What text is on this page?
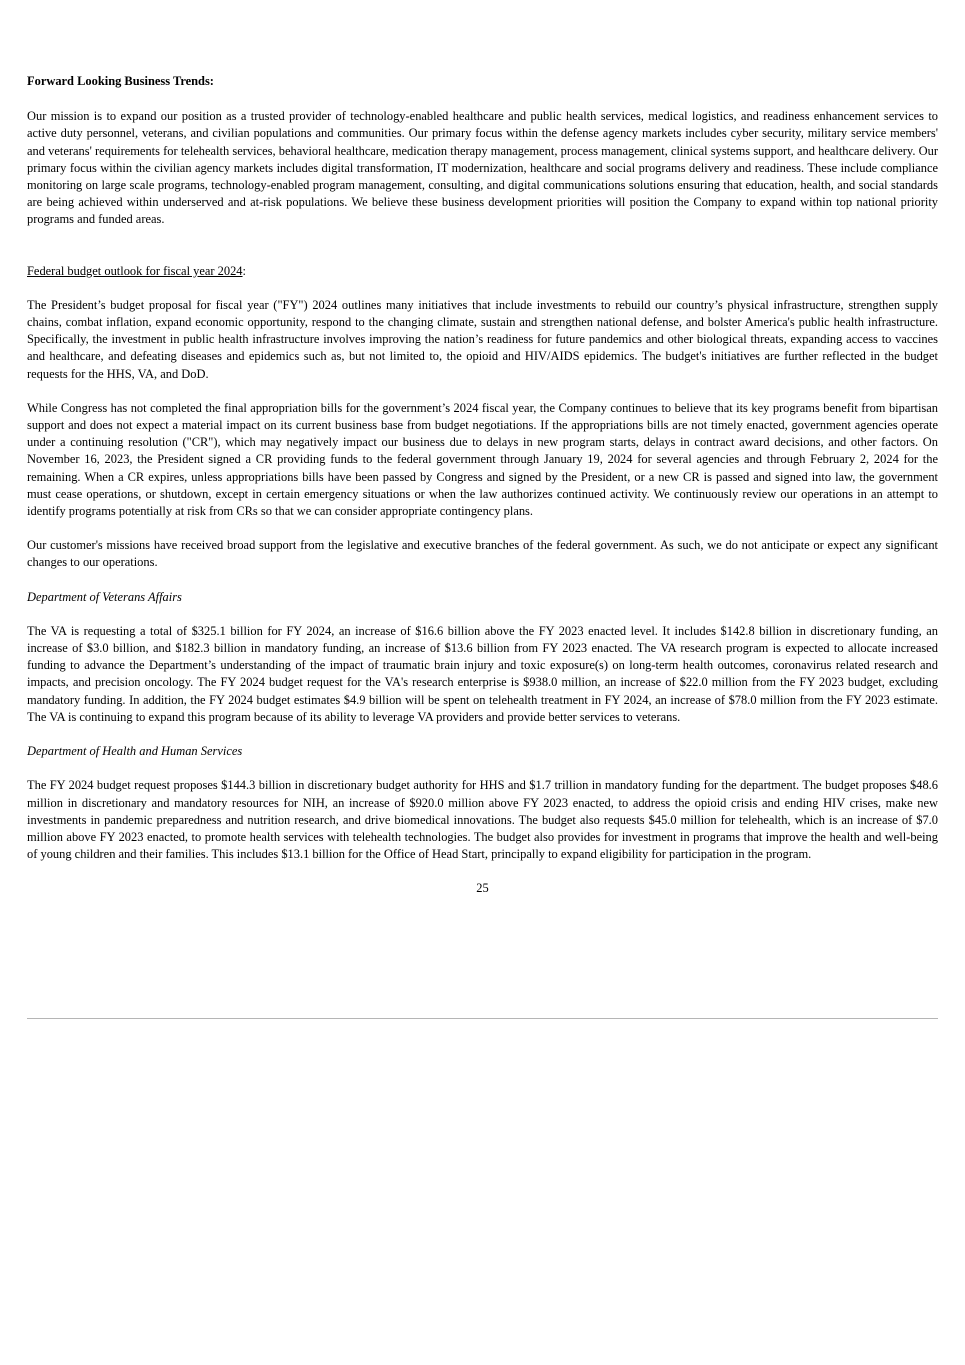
Forward Looking Business Trends:

Our mission is to expand our position as a trusted provider of technology-enabled healthcare and public health services, medical logistics, and readiness enhancement services to active duty personnel, veterans, and civilian populations and communities. Our primary focus within the defense agency markets includes cyber security, military service members' and veterans' requirements for telehealth services, behavioral healthcare, medication therapy management, process management, clinical systems support, and healthcare delivery. Our primary focus within the civilian agency markets includes digital transformation, IT modernization, healthcare and social programs delivery and readiness. These include compliance monitoring on large scale programs, technology-enabled program management, consulting, and digital communications solutions ensuring that education, health, and social standards are being achieved within underserved and at-risk populations. We believe these business development priorities will position the Company to expand within top national priority programs and funded areas.

Federal budget outlook for fiscal year 2024:

The President’s budget proposal for fiscal year ("FY") 2024 outlines many initiatives that include investments to rebuild our country’s physical infrastructure, strengthen supply chains, combat inflation, expand economic opportunity, respond to the changing climate, sustain and strengthen national defense, and bolster America's public health infrastructure. Specifically, the investment in public health infrastructure involves improving the nation’s readiness for future pandemics and other biological threats, expanding access to vaccines and healthcare, and defeating diseases and epidemics such as, but not limited to, the opioid and HIV/AIDS epidemics. The budget's initiatives are further reflected in the budget requests for the HHS, VA, and DoD.

While Congress has not completed the final appropriation bills for the government’s 2024 fiscal year, the Company continues to believe that its key programs benefit from bipartisan support and does not expect a material impact on its current business base from budget negotiations. If the appropriations bills are not timely enacted, government agencies operate under a continuing resolution ("CR"), which may negatively impact our business due to delays in new program starts, delays in contract award decisions, and other factors. On November 16, 2023, the President signed a CR providing funds to the federal government through January 19, 2024 for several agencies and through February 2, 2024 for the remaining. When a CR expires, unless appropriations bills have been passed by Congress and signed by the President, or a new CR is passed and signed into law, the government must cease operations, or shutdown, except in certain emergency situations or when the law authorizes continued activity. We continuously review our operations in an attempt to identify programs potentially at risk from CRs so that we can consider appropriate contingency plans.

Our customer's missions have received broad support from the legislative and executive branches of the federal government. As such, we do not anticipate or expect any significant changes to our operations.

Department of Veterans Affairs

The VA is requesting a total of $325.1 billion for FY 2024, an increase of $16.6 billion above the FY 2023 enacted level. It includes $142.8 billion in discretionary funding, an increase of $3.0 billion, and $182.3 billion in mandatory funding, an increase of $13.6 billion from FY 2023 enacted. The VA research program is expected to allocate increased funding to advance the Department’s understanding of the impact of traumatic brain injury and toxic exposure(s) on long-term health outcomes, coronavirus related research and impacts, and precision oncology. The FY 2024 budget request for the VA's research enterprise is $938.0 million, an increase of $22.0 million from the FY 2023 budget, excluding mandatory funding. In addition, the FY 2024 budget estimates $4.9 billion will be spent on telehealth treatment in FY 2024, an increase of $78.0 million from the FY 2023 estimate. The VA is continuing to expand this program because of its ability to leverage VA providers and provide better services to veterans.

Department of Health and Human Services

The FY 2024 budget request proposes $144.3 billion in discretionary budget authority for HHS and $1.7 trillion in mandatory funding for the department. The budget proposes $48.6 million in discretionary and mandatory resources for NIH, an increase of $920.0 million above FY 2023 enacted, to address the opioid crisis and ending HIV crises, make new investments in pandemic preparedness and nutrition research, and drive biomedical innovations. The budget also requests $45.0 million for telehealth, which is an increase of $7.0 million above FY 2023 enacted, to promote health services with telehealth technologies. The budget also provides for investment in programs that improve the health and well-being of young children and their families. This includes $13.1 billion for the Office of Head Start, principally to expand eligibility for participation in the program.

25
